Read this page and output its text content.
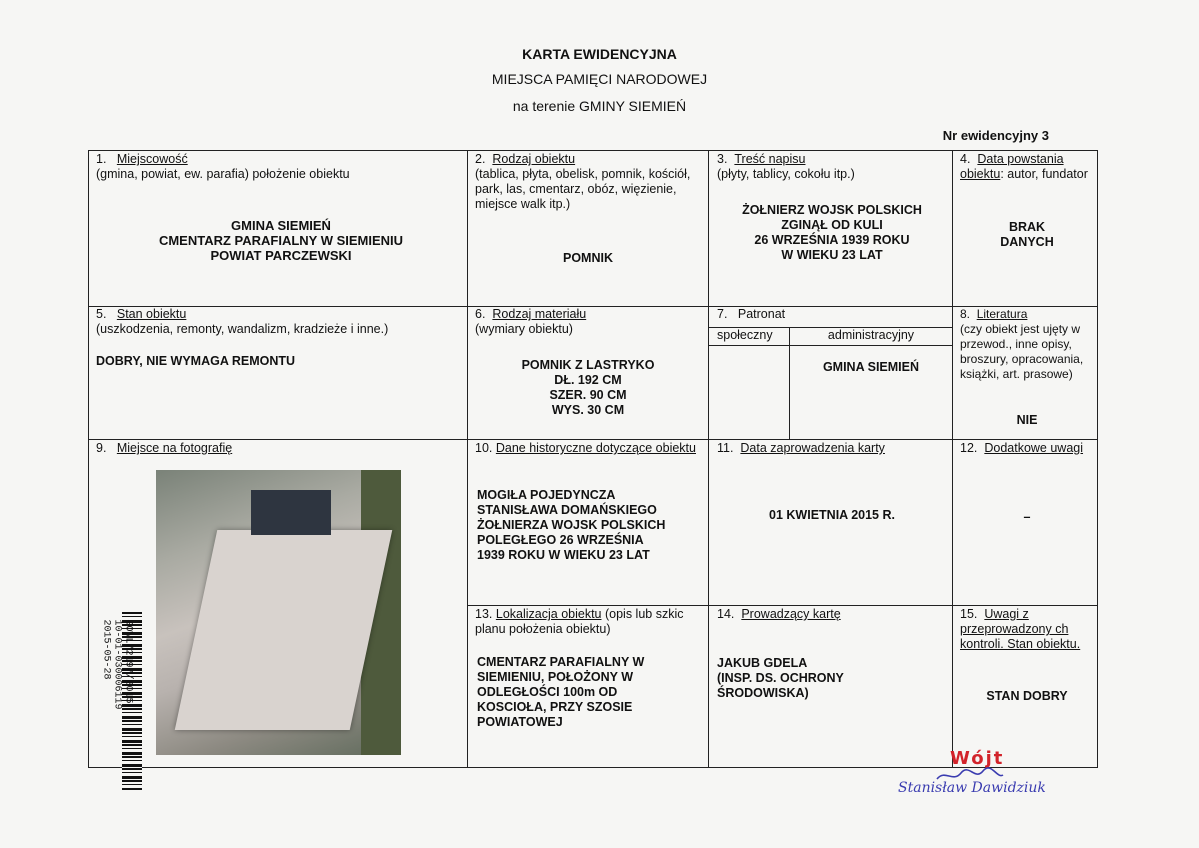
KARTA EWIDENCYJNA
MIEJSCA PAMIĘCI NARODOWEJ
na terenie GMINY SIEMIEŃ
Nr ewidencyjny 3
1. Miejscowość
(gmina, powiat, ew. parafia) położenie obiektu
GMINA SIEMIEŃ
CMENTARZ PARAFIALNY W SIEMIENIU
POWIAT PARCZEWSKI
2. Rodzaj obiektu
(tablica, płyta, obelisk, pomnik, kościół, park, las, cmentarz, obóz, więzienie, miejsce walk itp.)
POMNIK
3. Treść napisu
(płyty, tablicy, cokołu itp.)
ŻOŁNIERZ WOJSK POLSKICH
ZGINĄŁ OD KULI
26 WRZEŚNIA 1939 ROKU
W WIEKU 23 LAT
4. Data powstania obiektu: autor, fundator
BRAK
DANYCH
5. Stan obiektu
(uszkodzenia, remonty, wandalizm, kradzieże i inne.)
DOBRY, NIE WYMAGA REMONTU
6. Rodzaj materiału
(wymiary obiektu)
POMNIK Z LASTRYKO
DŁ. 192 CM
SZER. 90 CM
WYS. 30 CM
7. Patronat
społeczny	administracyjny
GMINA SIEMIEŃ
8. Literatura
(czy obiekt jest ujęty w przewod., inne opisy, broszury, opracowania, książki, art. prasowe)
NIE
9. Miejsce na fotografię	10. Dane historyczne dotyczące obiektu
MOGIŁA POJEDYNCZA
STANISŁAWA DOMAŃSKIEGO
ŻOŁNIERZA WOJSK POLSKICH
POLEGŁEGO 26 WRZEŚNIA
1939 ROKU W WIEKU 23 LAT
11. Data zaprowadzenia karty
01 KWIETNIA 2015 R.
12. Dodatkowe uwagi
–
13. Lokalizacja obiektu (opis lub szkic planu położenia obiektu)
CMENTARZ PARAFIALNY W
SIEMIENIU, POŁOŻONY W
ODLEGŁOŚCI 100m OD
KOSCIOŁA, PRZY SZOSIE
POWIATOWEJ
14. Prowadzący kartę
JAKUB GDELA
(INSP. DS. OCHRONY
ŚRODOWISKA)
15. Uwagi z przeprowadzony ch kontroli. Stan obiektu.
STAN DOBRY
SOWL/2197/2015
10-01-030006119
2015-05-28
Wójt
Stanisław Dawidziuk
